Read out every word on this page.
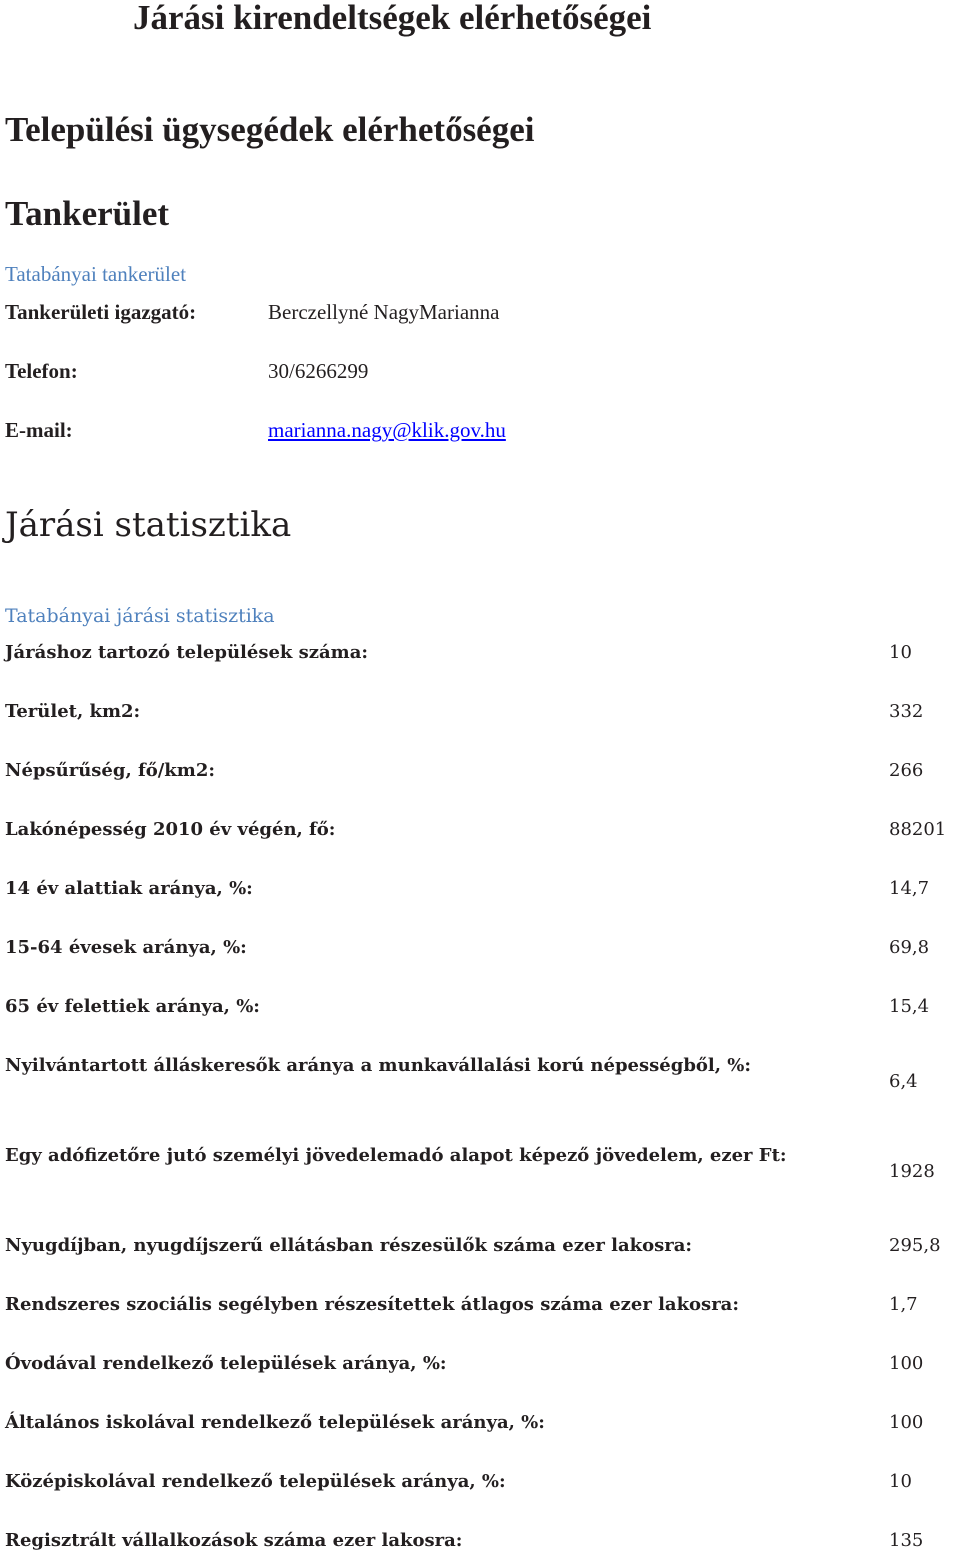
Járási kirendeltségek elérhetőségei
Települési ügysegédek elérhetőségei
Tankerület
Tatabányai tankerület
Tankerületi igazgató:	Berczellyné NagyMarianna
Telefon:	30/6266299
E-mail:	marianna.nagy@klik.gov.hu
Járási statisztika
Tatabányai járási statisztika
Járáshoz tartozó települések száma:	10
Terület, km2:	332
Népsűrűség, fő/km2:	266
Lakónépesség 2010 év végén, fő:	88201
14 év alattiak aránya, %:	14,7
15-64 évesek aránya, %:	69,8
65 év felettiek aránya, %:	15,4
Nyilvántartott álláskeresők aránya a munkavállalási korú népességből, %:
6,4
Egy adófizetőre jutó személyi jövedelemadó alapot képező jövedelem, ezer Ft:
1928
Nyugdíjban, nyugdíjszerű ellátásban részesülők száma ezer lakosra:	295,8
Rendszeres szociális segélyben részesítettek átlagos száma ezer lakosra:	1,7
Óvodával rendelkező települések aránya, %:	100
Általános iskolával rendelkező települések aránya, %:	100
Középiskolával rendelkező települések aránya, %:	10
Regisztrált vállalkozások száma ezer lakosra:	135
